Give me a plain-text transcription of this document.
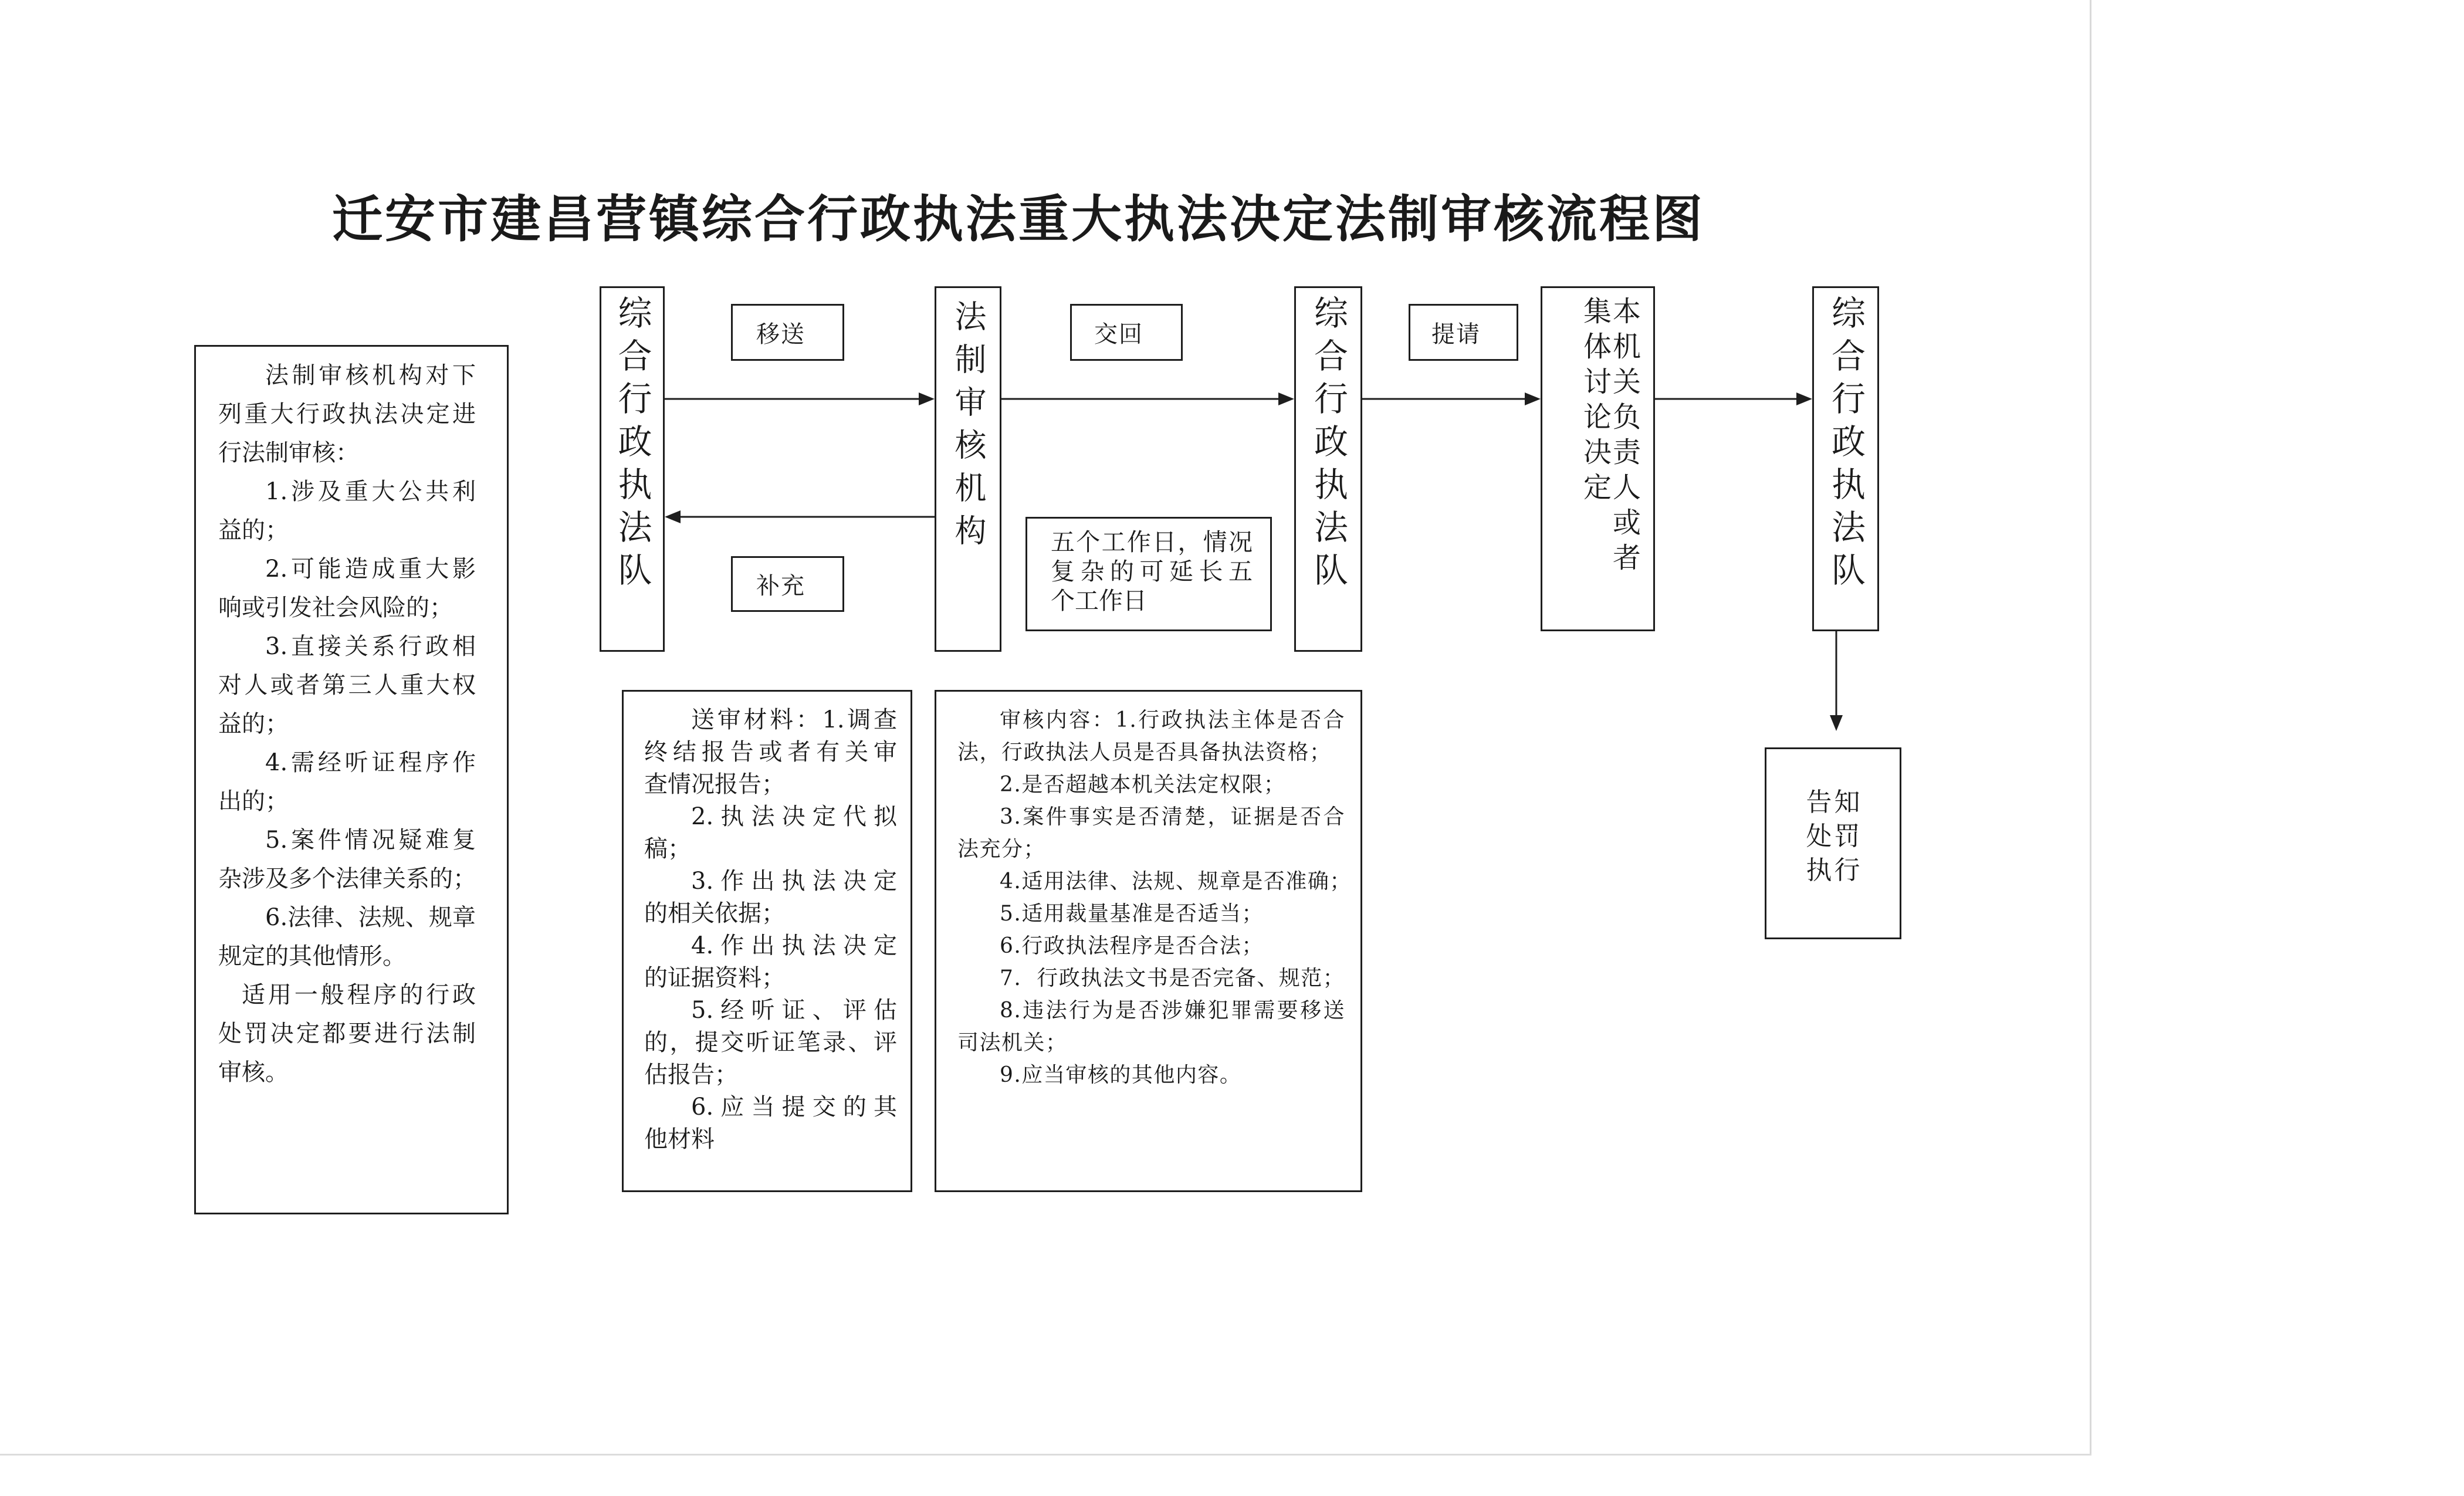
迁安市建昌营镇综合行政执法重大执法决定法制审核流程图
法制审核机构对下
列重大行政执法决定进
行法制审核：
1.涉及重大公共利
益的；
2.可能造成重大影
响或引发社会风险的；
3.直接关系行政相
对人或者第三人重大权
益的；
4.需经听证程序作
出的；
5.案件情况疑难复
杂涉及多个法律关系的；
6.法律、法规、规章
规定的其他情形。
适用一般程序的行政
处罚决定都要进行法制
审核。
综合行政执法队	法制审核机构	综合行政执法队	本机关负责人或者
集体讨论决定	综合行政执法队
告知
处罚
执行
移送	交回	提请
补充
五个工作日，情况
复杂的可延长五
个工作日
送审材料：1.调查
终结报告或者有关审
查情况报告；
2.执法决定代拟
稿；
3.作出执法决定
的相关依据；
4.作出执法决定
的证据资料；
5.经听证、评估
的，提交听证笔录、评
估报告；
6.应当提交的其
他材料
审核内容：1.行政执法主体是否合
法，行政执法人员是否具备执法资格；
2.是否超越本机关法定权限；
3.案件事实是否清楚，证据是否合
法充分；
4.适用法律、法规、规章是否准确；
5.适用裁量基准是否适当；
6.行政执法程序是否合法；
7.  行政执法文书是否完备、规范；
8.违法行为是否涉嫌犯罪需要移送
司法机关；
9.应当审核的其他内容。
